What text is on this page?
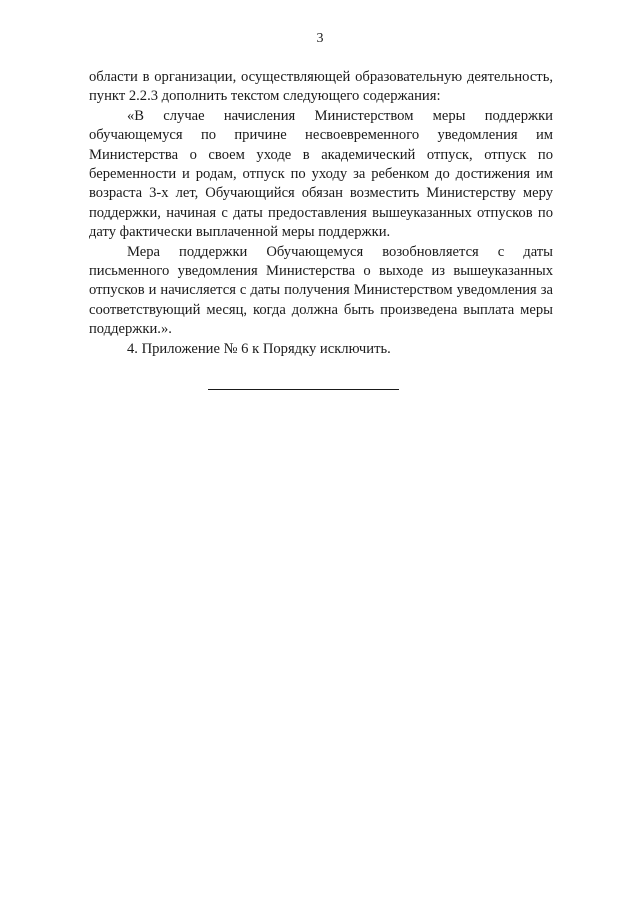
3

области в организации, осуществляющей образовательную деятельность, пункт 2.2.3 дополнить текстом следующего содержания:

«В случае начисления Министерством меры поддержки обучающемуся по причине несвоевременного уведомления им Министерства о своем уходе в академический отпуск, отпуск по беременности и родам, отпуск по уходу за ребенком до достижения им возраста 3-х лет, Обучающийся обязан возместить Министерству меру поддержки, начиная с даты предоставления вышеуказанных отпусков по дату фактически выплаченной меры поддержки.

Мера поддержки Обучающемуся возобновляется с даты письменного уведомления Министерства о выходе из вышеуказанных отпусков и начисляется с даты получения Министерством уведомления за соответствующий месяц, когда должна быть произведена выплата меры поддержки.».

4. Приложение № 6 к Порядку исключить.
